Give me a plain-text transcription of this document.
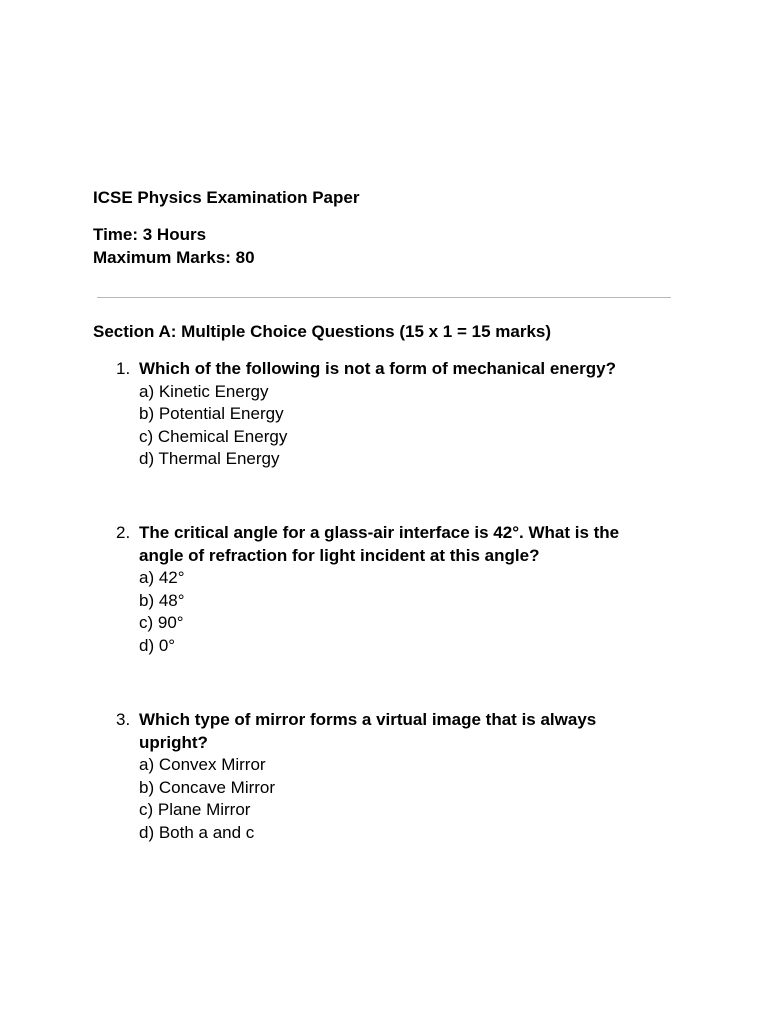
ICSE Physics Examination Paper
Time: 3 Hours
Maximum Marks: 80
Section A: Multiple Choice Questions (15 x 1 = 15 marks)
1. Which of the following is not a form of mechanical energy?
a) Kinetic Energy
b) Potential Energy
c) Chemical Energy
d) Thermal Energy
2. The critical angle for a glass-air interface is 42°. What is the
angle of refraction for light incident at this angle?
a) 42°
b) 48°
c) 90°
d) 0°
3. Which type of mirror forms a virtual image that is always
upright?
a) Convex Mirror
b) Concave Mirror
c) Plane Mirror
d) Both a and c
